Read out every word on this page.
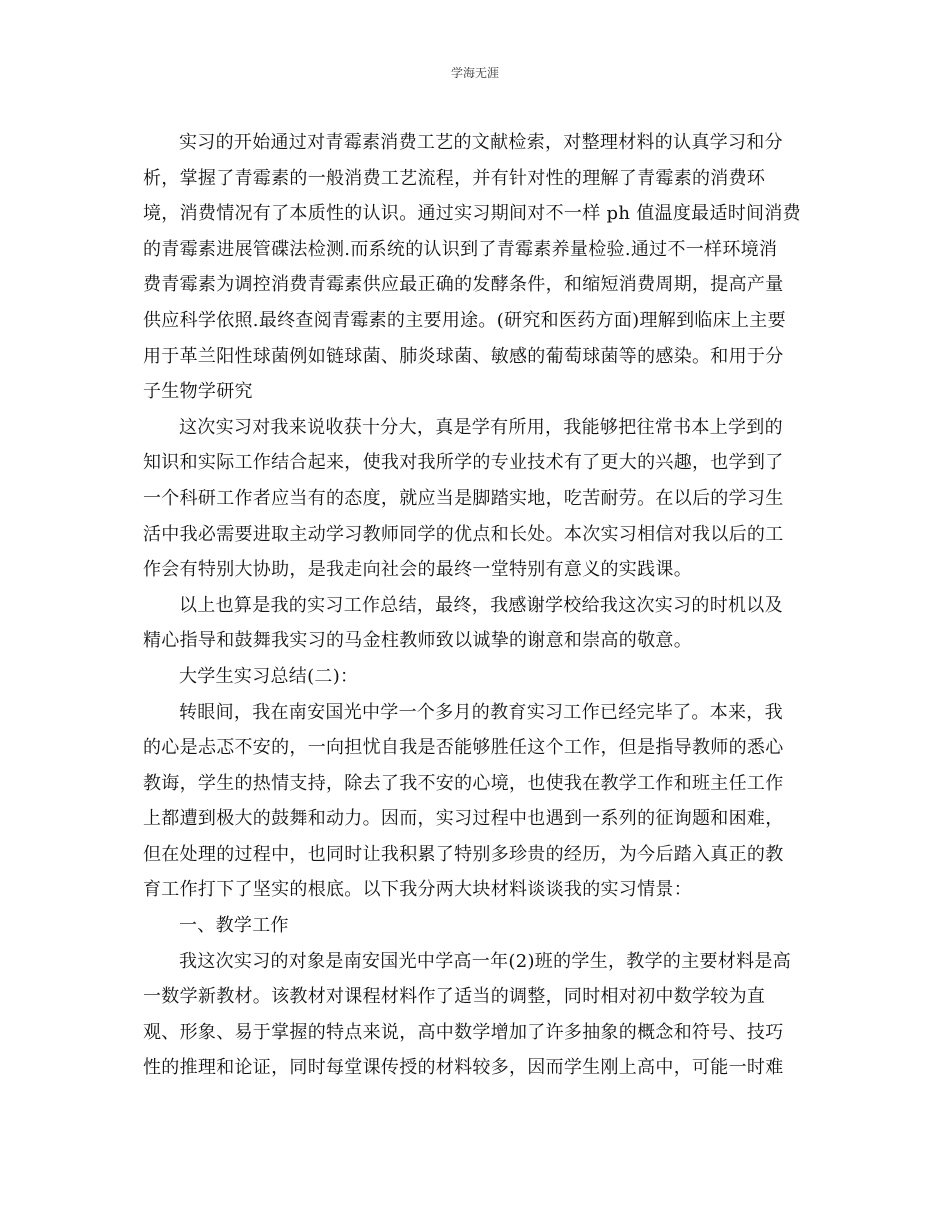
学海无涯
实习的开始通过对青霉素消费工艺的文献检索，对整理材料的认真学习和分
析，掌握了青霉素的一般消费工艺流程，并有针对性的理解了青霉素的消费环
境，消费情况有了本质性的认识。通过实习期间对不一样 ph 值温度最适时间消费
的青霉素进展管碟法检测.而系统的认识到了青霉素养量检验.通过不一样环境消
费青霉素为调控消费青霉素供应最正确的发酵条件，和缩短消费周期，提高产量
供应科学依照.最终查阅青霉素的主要用途。(研究和医药方面)理解到临床上主要
用于革兰阳性球菌例如链球菌、肺炎球菌、敏感的葡萄球菌等的感染。和用于分
子生物学研究
这次实习对我来说收获十分大，真是学有所用，我能够把往常书本上学到的
知识和实际工作结合起来，使我对我所学的专业技术有了更大的兴趣，也学到了
一个科研工作者应当有的态度，就应当是脚踏实地，吃苦耐劳。在以后的学习生
活中我必需要进取主动学习教师同学的优点和长处。本次实习相信对我以后的工
作会有特别大协助，是我走向社会的最终一堂特别有意义的实践课。
以上也算是我的实习工作总结，最终，我感谢学校给我这次实习的时机以及
精心指导和鼓舞我实习的马金柱教师致以诚挚的谢意和崇高的敬意。
大学生实习总结(二)：
转眼间，我在南安国光中学一个多月的教育实习工作已经完毕了。本来，我
的心是忐忑不安的，一向担忧自我是否能够胜任这个工作，但是指导教师的悉心
教诲，学生的热情支持，除去了我不安的心境，也使我在教学工作和班主任工作
上都遭到极大的鼓舞和动力。因而，实习过程中也遇到一系列的征询题和困难，
但在处理的过程中，也同时让我积累了特别多珍贵的经历，为今后踏入真正的教
育工作打下了坚实的根底。以下我分两大块材料谈谈我的实习情景：
一、教学工作
我这次实习的对象是南安国光中学高一年(2)班的学生，教学的主要材料是高
一数学新教材。该教材对课程材料作了适当的调整，同时相对初中数学较为直
观、形象、易于掌握的特点来说，高中数学增加了许多抽象的概念和符号、技巧
性的推理和论证，同时每堂课传授的材料较多，因而学生刚上高中，可能一时难
